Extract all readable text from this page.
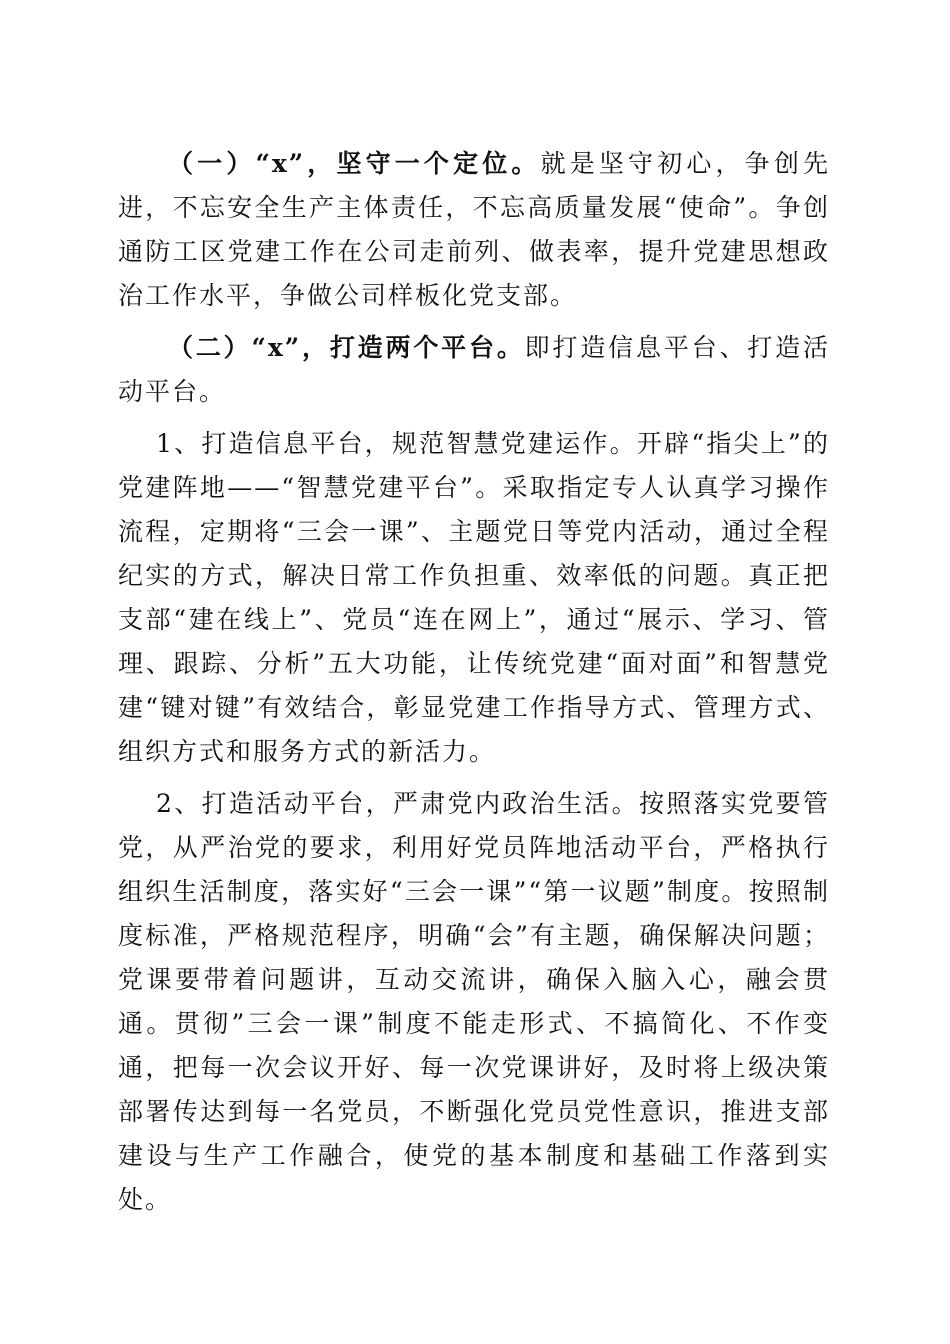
（一）“x”，坚守一个定位。就是坚守初心，争创先进，不忘安全生产主体责任，不忘高质量发展“使命”。争创通防工区党建工作在公司走前列、做表率，提升党建思想政治工作水平，争做公司样板化党支部。

（二）“x”，打造两个平台。即打造信息平台、打造活动平台。

1、打造信息平台，规范智慧党建运作。开辟“指尖上”的党建阵地——“智慧党建平台”。采取指定专人认真学习操作流程，定期将“三会一课”、主题党日等党内活动，通过全程纪实的方式，解决日常工作负担重、效率低的问题。真正把支部“建在线上”、党员“连在网上”，通过“展示、学习、管理、跟踪、分析”五大功能，让传统党建“面对面”和智慧党建“键对键”有效结合，彰显党建工作指导方式、管理方式、组织方式和服务方式的新活力。

2、打造活动平台，严肃党内政治生活。按照落实党要管党，从严治党的要求，利用好党员阵地活动平台，严格执行组织生活制度，落实好“三会一课”“第一议题”制度。按照制度标准，严格规范程序，明确“会”有主题，确保解决问题；党课要带着问题讲，互动交流讲，确保入脑入心，融会贯通。贯彻”三会一课”制度不能走形式、不搞简化、不作变通，把每一次会议开好、每一次党课讲好，及时将上级决策部署传达到每一名党员，不断强化党员党性意识，推进支部建设与生产工作融合，使党的基本制度和基础工作落到实处。
